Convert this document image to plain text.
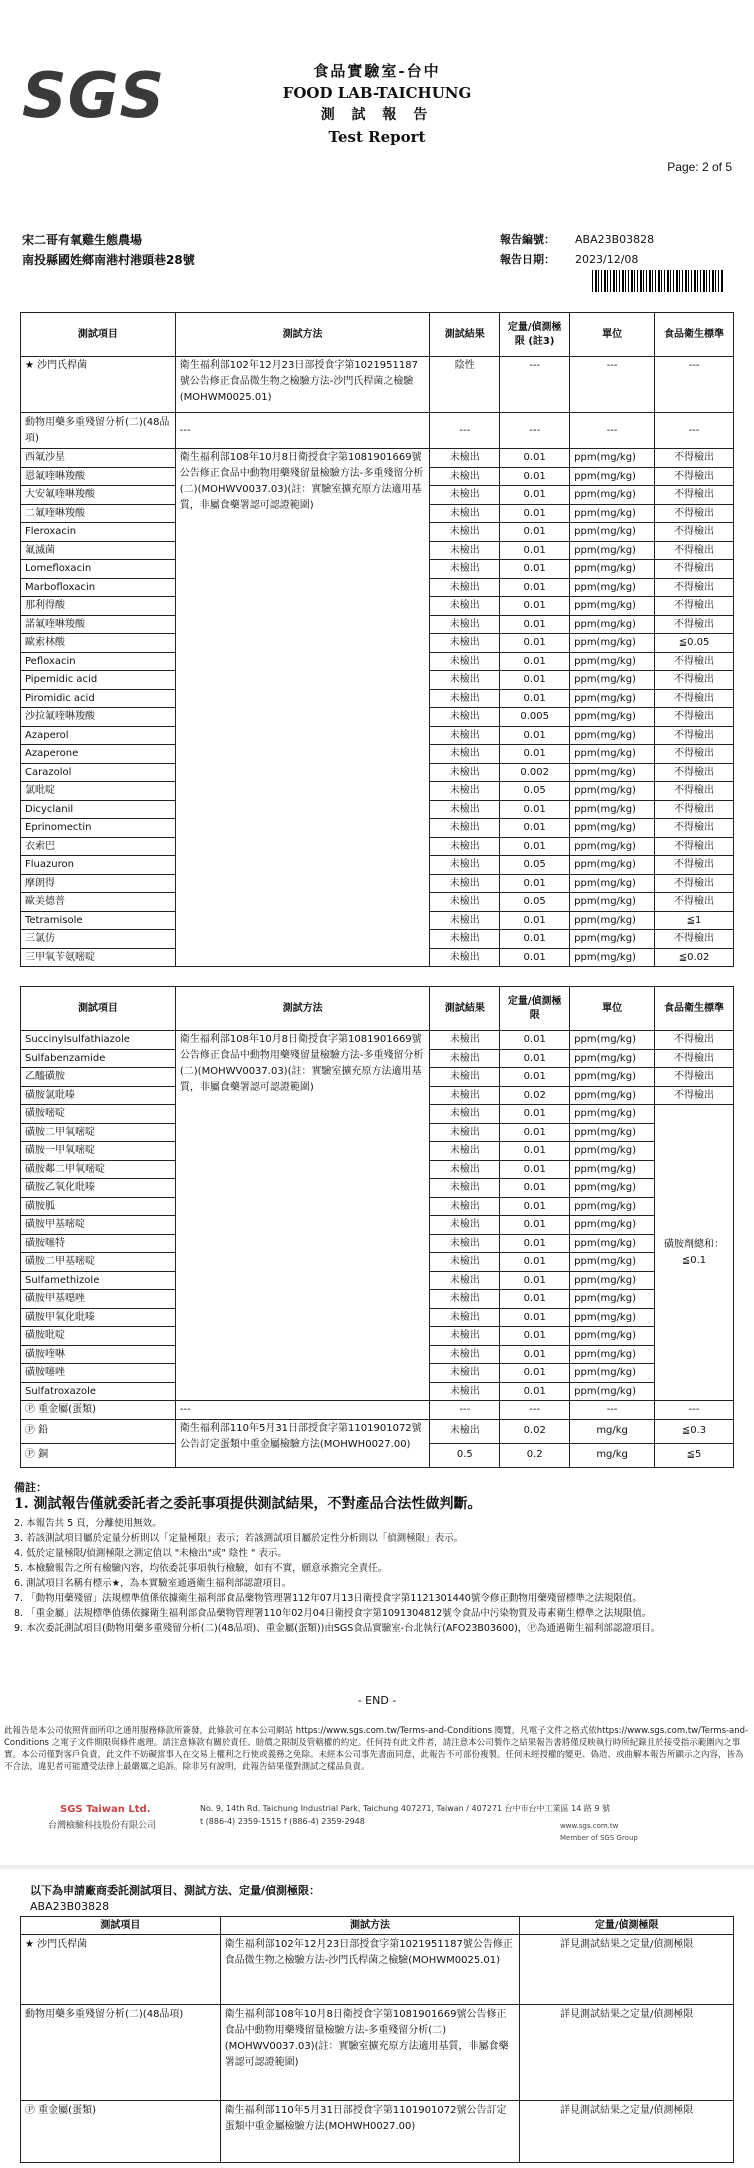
SGS	食品實驗室-台中
FOOD LAB-TAICHUNG
測 試 報 告
Test Report
Page: 2 of 5
宋二哥有氧雞生態農場
南投縣國姓鄉南港村港頭巷28號
報告編號： ABA23B03828
報告日期： 2023/12/08
測試項目	測試方法	測試結果	定量/偵測極限 (註3)	單位	食品衛生標準
★ 沙門氏桿菌	衛生福利部102年12月23日部授食字第1021951187號公告修正食品微生物之檢驗方法-沙門氏桿菌之檢驗(MOHWM0025.01)	陰性	---	---	---
動物用藥多重殘留分析(二)(48品項)	---	---	---	---	---
西氟沙星	衛生福利部108年10月8日衛授食字第1081901669號公告修正食品中動物用藥殘留量檢驗方法-多重殘留分析(二)(MOHWV0037.03)(註：實驗室擴充原方法適用基質，非屬食藥署認可認證範圍)	未檢出	0.01	ppm(mg/kg)	不得檢出
恩氟喹啉羧酸		未檢出	0.01	ppm(mg/kg)	不得檢出
大安氟喹啉羧酸		未檢出	0.01	ppm(mg/kg)	不得檢出
二氟喹啉羧酸		未檢出	0.01	ppm(mg/kg)	不得檢出
Fleroxacin		未檢出	0.01	ppm(mg/kg)	不得檢出
氟滅菌		未檢出	0.01	ppm(mg/kg)	不得檢出
Lomefloxacin		未檢出	0.01	ppm(mg/kg)	不得檢出
Marbofloxacin		未檢出	0.01	ppm(mg/kg)	不得檢出
那利得酸		未檢出	0.01	ppm(mg/kg)	不得檢出
諾氟喹啉羧酸		未檢出	0.01	ppm(mg/kg)	不得檢出
歐索林酸		未檢出	0.01	ppm(mg/kg)	≦0.05
Pefloxacin		未檢出	0.01	ppm(mg/kg)	不得檢出
Pipemidic acid		未檢出	0.01	ppm(mg/kg)	不得檢出
Piromidic acid		未檢出	0.01	ppm(mg/kg)	不得檢出
沙拉氟喹啉羧酸		未檢出	0.005	ppm(mg/kg)	不得檢出
Azaperol		未檢出	0.01	ppm(mg/kg)	不得檢出
Azaperone		未檢出	0.01	ppm(mg/kg)	不得檢出
Carazolol		未檢出	0.002	ppm(mg/kg)	不得檢出
氯吡啶		未檢出	0.05	ppm(mg/kg)	不得檢出
Dicyclanil		未檢出	0.01	ppm(mg/kg)	不得檢出
Eprinomectin		未檢出	0.01	ppm(mg/kg)	不得檢出
衣索巴		未檢出	0.01	ppm(mg/kg)	不得檢出
Fluazuron		未檢出	0.05	ppm(mg/kg)	不得檢出
摩朗得		未檢出	0.01	ppm(mg/kg)	不得檢出
歐美德普		未檢出	0.05	ppm(mg/kg)	不得檢出
Tetramisole		未檢出	0.01	ppm(mg/kg)	≦1
三氯仿		未檢出	0.01	ppm(mg/kg)	不得檢出
三甲氧苄氨嘧啶		未檢出	0.01	ppm(mg/kg)	≦0.02
測試項目	測試方法	測試結果	定量/偵測極限	單位	食品衛生標準
Succinylsulfathiazole	衛生福利部108年10月8日衛授食字第1081901669號公告修正食品中動物用藥殘留量檢驗方法-多重殘留分析(二)(MOHWV0037.03)(註：實驗室擴充原方法適用基質，非屬食藥署認可認證範圍)	未檢出	0.01	ppm(mg/kg)	不得檢出
Sulfabenzamide		未檢出	0.01	ppm(mg/kg)	不得檢出
乙醯磺胺		未檢出	0.01	ppm(mg/kg)	不得檢出
磺胺氯吡嗪		未檢出	0.02	ppm(mg/kg)	不得檢出
磺胺嘧啶		未檢出	0.01	ppm(mg/kg)	磺胺劑總和：≦0.1
磺胺二甲氧嘧啶		未檢出	0.01	ppm(mg/kg)	
磺胺一甲氧嘧啶		未檢出	0.01	ppm(mg/kg)	
磺胺鄰二甲氧嘧啶		未檢出	0.01	ppm(mg/kg)	
磺胺乙氧化吡嗪		未檢出	0.01	ppm(mg/kg)	
磺胺胍		未檢出	0.01	ppm(mg/kg)	
磺胺甲基嘧啶		未檢出	0.01	ppm(mg/kg)	
磺胺噻特		未檢出	0.01	ppm(mg/kg)	
磺胺二甲基嘧啶		未檢出	0.01	ppm(mg/kg)	
Sulfamethizole		未檢出	0.01	ppm(mg/kg)	
磺胺甲基噁唑		未檢出	0.01	ppm(mg/kg)	
磺胺甲氧化吡嗪		未檢出	0.01	ppm(mg/kg)	
磺胺吡啶		未檢出	0.01	ppm(mg/kg)	
磺胺喹啉		未檢出	0.01	ppm(mg/kg)	
磺胺噻唑		未檢出	0.01	ppm(mg/kg)	
Sulfatroxazole		未檢出	0.01	ppm(mg/kg)	
Ⓟ 重金屬(蛋類)	---	---	---	---	---
Ⓟ 鉛	衛生福利部110年5月31日部授食字第1101901072號公告訂定蛋類中重金屬檢驗方法(MOHWH0027.00)	未檢出	0.02	mg/kg	≦0.3
Ⓟ 銅		0.5	0.2	mg/kg	≦5
備註：
1. 測試報告僅就委託者之委託事項提供測試結果，不對產品合法性做判斷。
2. 本報告共 5 頁，分離使用無效。
3. 若該測試項目屬於定量分析則以「定量極限」表示；若該測試項目屬於定性分析則以「偵測極限」表示。
4. 低於定量極限/偵測極限之測定值以 "未檢出"或" 陰性 " 表示。
5. 本檢驗報告之所有檢驗內容，均依委託事項執行檢驗，如有不實，願意承擔完全責任。
6. 測試項目名稱有標示★，為本實驗室通過衛生福利部認證項目。
7. 「動物用藥殘留」法規標準值係依據衛生福利部食品藥物管理署112年07月13日衛授食字第1121301440號令修正動物用藥殘留標準之法規限值。
8. 「重金屬」法規標準值係依據衛生福利部食品藥物管理署110年02月04日衛授食字第1091304812號令食品中污染物質及毒素衛生標準之法規限值。
9. 本次委託測試項目(動物用藥多重殘留分析(二)(48品項)、重金屬(蛋類))由SGS食品實驗室-台北執行(AFO23B03600)，Ⓟ為通過衛生福利部認證項目。
- END -
此報告是本公司依照背面所印之通用服務條款所簽發，此條款可在本公司網站 https://www.sgs.com.tw/Terms-and-Conditions 閱覽，凡電子文件之格式依https://www.sgs.com.tw/Terms-and-Conditions 之電子文件期限與條件處理。請注意條款有關於責任、賠償之限制及管轄權的約定。任何持有此文件者，請注意本公司製作之結果報告書將僅反映執行時所紀錄且於接受指示範圍內之事實。本公司僅對客戶負責，此文件不妨礙當事人在交易上權利之行使或義務之免除。未經本公司事先書面同意，此報告不可部份複製。任何未經授權的變更、偽造、或曲解本報告所顯示之內容，皆為不合法，違犯者可能遭受法律上最嚴厲之追訴。除非另有說明，此報告結果僅對測試之樣品負責。
SGS Taiwan Ltd.
台灣檢驗科技股份有限公司
No. 9, 14th Rd. Taichung Industrial Park, Taichung 407271, Taiwan / 407271 台中市台中工業區 14 路 9 號
t (886-4) 2359-1515 f (886-4) 2359-2948	www.sgs.com.tw
Member of SGS Group
以下為申請廠商委託測試項目、測試方法、定量/偵測極限：
ABA23B03828
測試項目	測試方法	定量/偵測極限
★ 沙門氏桿菌	衛生福利部102年12月23日部授食字第1021951187號公告修正食品微生物之檢驗方法-沙門氏桿菌之檢驗(MOHWM0025.01)	詳見測試結果之定量/偵測極限
動物用藥多重殘留分析(二)(48品項)	衛生福利部108年10月8日衛授食字第1081901669號公告修正食品中動物用藥殘留量檢驗方法-多重殘留分析(二)(MOHWV0037.03)(註：實驗室擴充原方法適用基質，非屬食藥署認可認證範圍)	詳見測試結果之定量/偵測極限
Ⓟ 重金屬(蛋類)	衛生福利部110年5月31日部授食字第1101901072號公告訂定蛋類中重金屬檢驗方法(MOHWH0027.00)	詳見測試結果之定量/偵測極限
